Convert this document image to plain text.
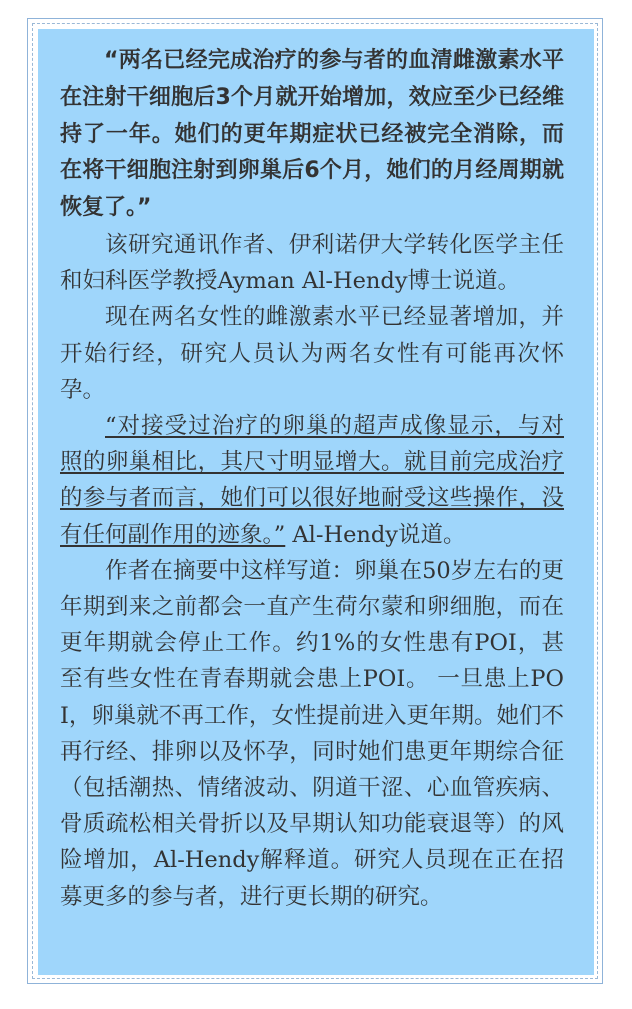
“两名已经完成治疗的参与者的血清雌激素水平在注射干细胞后3个月就开始增加，效应至少已经维持了一年。她们的更年期症状已经被完全消除，而在将干细胞注射到卵巢后6个月，她们的月经周期就恢复了。”

该研究通讯作者、伊利诺伊大学转化医学主任和妇科医学教授Ayman Al-Hendy博士说道。

现在两名女性的雌激素水平已经显著增加，并开始行经，研究人员认为两名女性有可能再次怀孕。

“对接受过治疗的卵巢的超声成像显示，与对照的卵巢相比，其尺寸明显增大。就目前完成治疗的参与者而言，她们可以很好地耐受这些操作，没有任何副作用的迹象。” Al-Hendy说道。

作者在摘要中这样写道：卵巢在50岁左右的更年期到来之前都会一直产生荷尔蒙和卵细胞，而在更年期就会停止工作。约1%的女性患有POI，甚至有些女性在青春期就会患上POI。 一旦患上POI，卵巢就不再工作，女性提前进入更年期。她们不再行经、排卵以及怀孕，同时她们患更年期综合征（包括潮热、情绪波动、阴道干涩、心血管疾病、骨质疏松相关骨折以及早期认知功能衰退等）的风险增加，Al-Hendy解释道。研究人员现在正在招募更多的参与者，进行更长期的研究。
